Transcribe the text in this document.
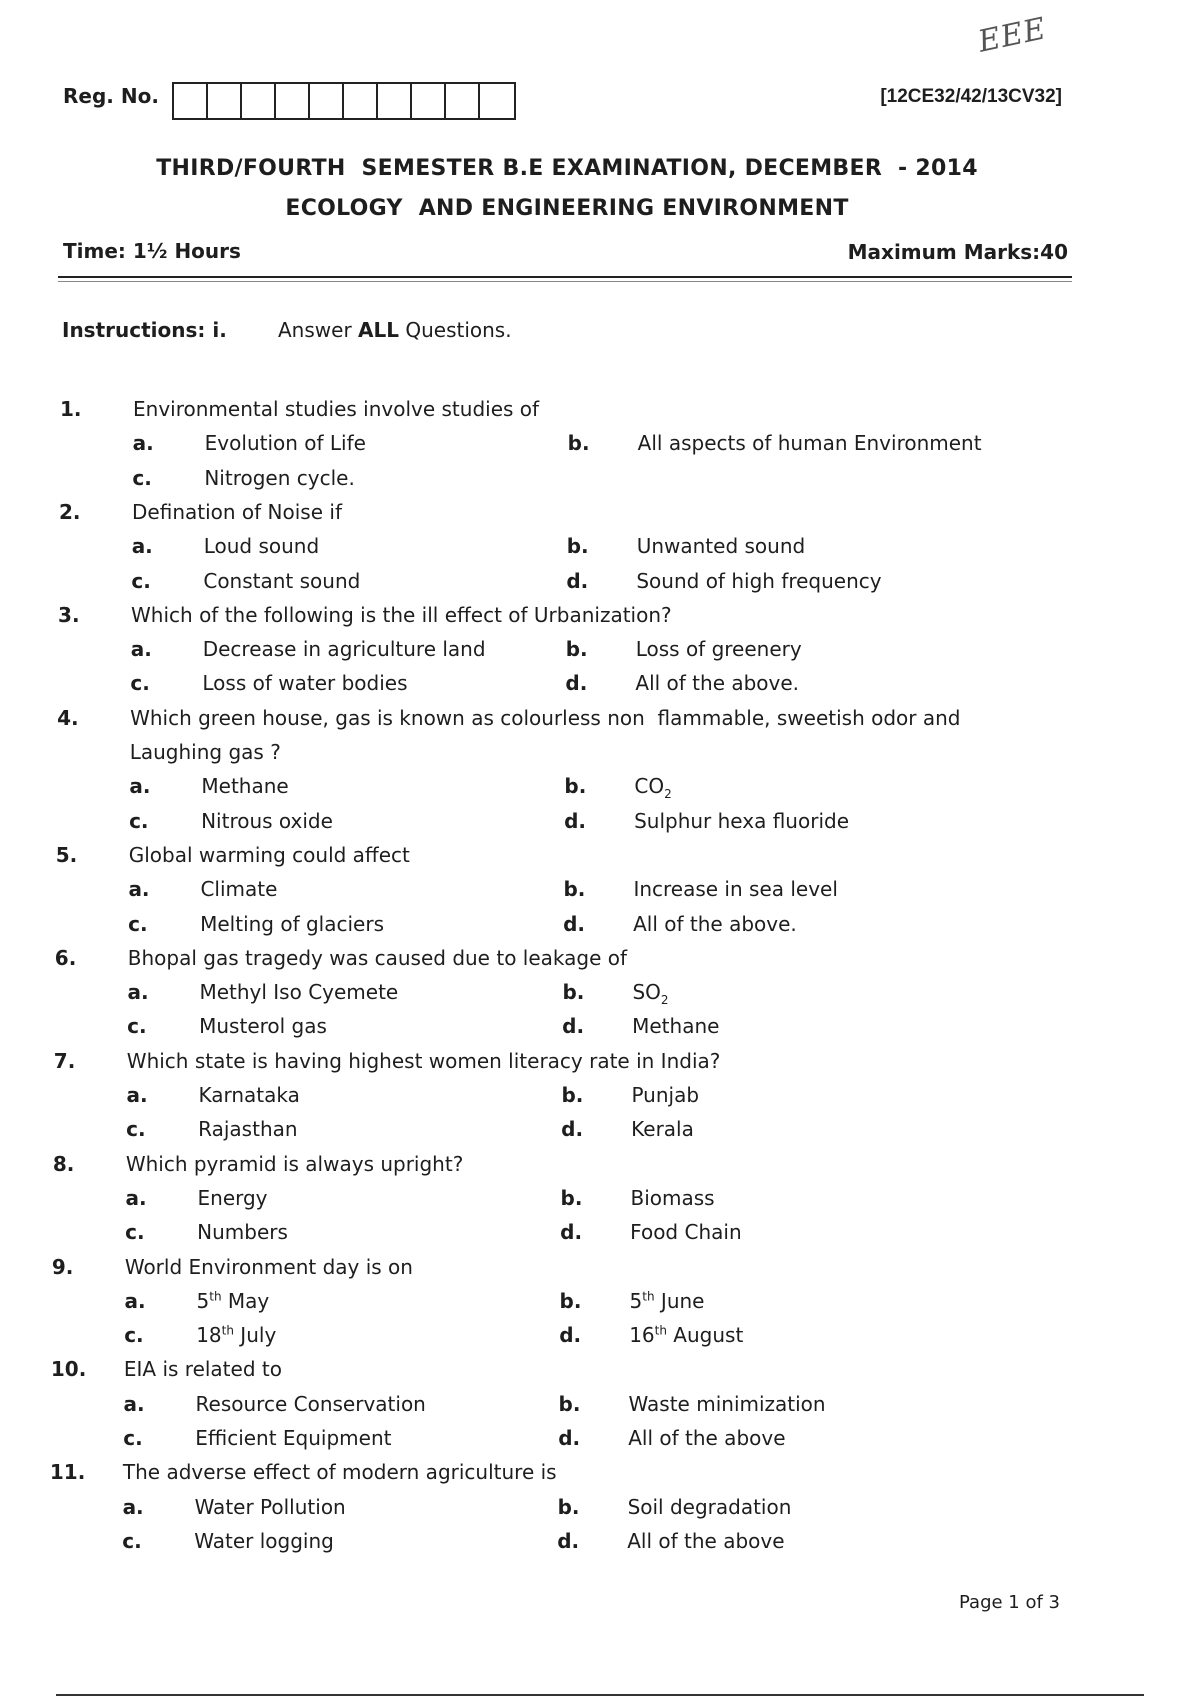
EEE
Reg. No.	[12CE32/42/13CV32]
THIRD/FOURTH  SEMESTER B.E EXAMINATION, DECEMBER  - 2014
ECOLOGY  AND ENGINEERING ENVIRONMENT
Time: 1½ Hours	Maximum Marks:40
Instructions: i.	Answer ALL Questions.
1.	Environmental studies involve studies of
a.	Evolution of Life	b. All aspects of human Environment
c.	Nitrogen cycle.
2.	Defination of Noise if
a.	Loud sound	b. Unwanted sound
c.	Constant sound	d. Sound of high frequency
3.	Which of the following is the ill effect of Urbanization?
a.	Decrease in agriculture land	b. Loss of greenery
c.	Loss of water bodies	d. All of the above.
4.	Which green house, gas is known as colourless non  flammable, sweetish odor and
Laughing gas ?
a.	Methane	b. $CO_2$
c.	Nitrous oxide	d. Sulphur hexa fluoride
5.	Global warming could affect
a.	Climate	b. Increase in sea level
c.	Melting of glaciers	d. All of the above.
6.	Bhopal gas tragedy was caused due to leakage of
a.	Methyl Iso Cyemete	b. $SO_2$
c.	Musterol gas	d. Methane
7.	Which state is having highest women literacy rate in India?
a.	Karnataka	b. Punjab
c.	Rajasthan	d. Kerala
8.	Which pyramid is always upright?
a.	Energy	b. Biomass
c.	Numbers	d. Food Chain
9.	World Environment day is on
a.	5th May	b. 5th June
c.	18th July	d. 16th August
10. EIA is related to
a.	Resource Conservation	b. Waste minimization
c.	Efficient Equipment	d. All of the above
11. The adverse effect of modern agriculture is
a.	Water Pollution	b. Soil degradation
c.	Water logging	d. All of the above
Page 1 of 3
